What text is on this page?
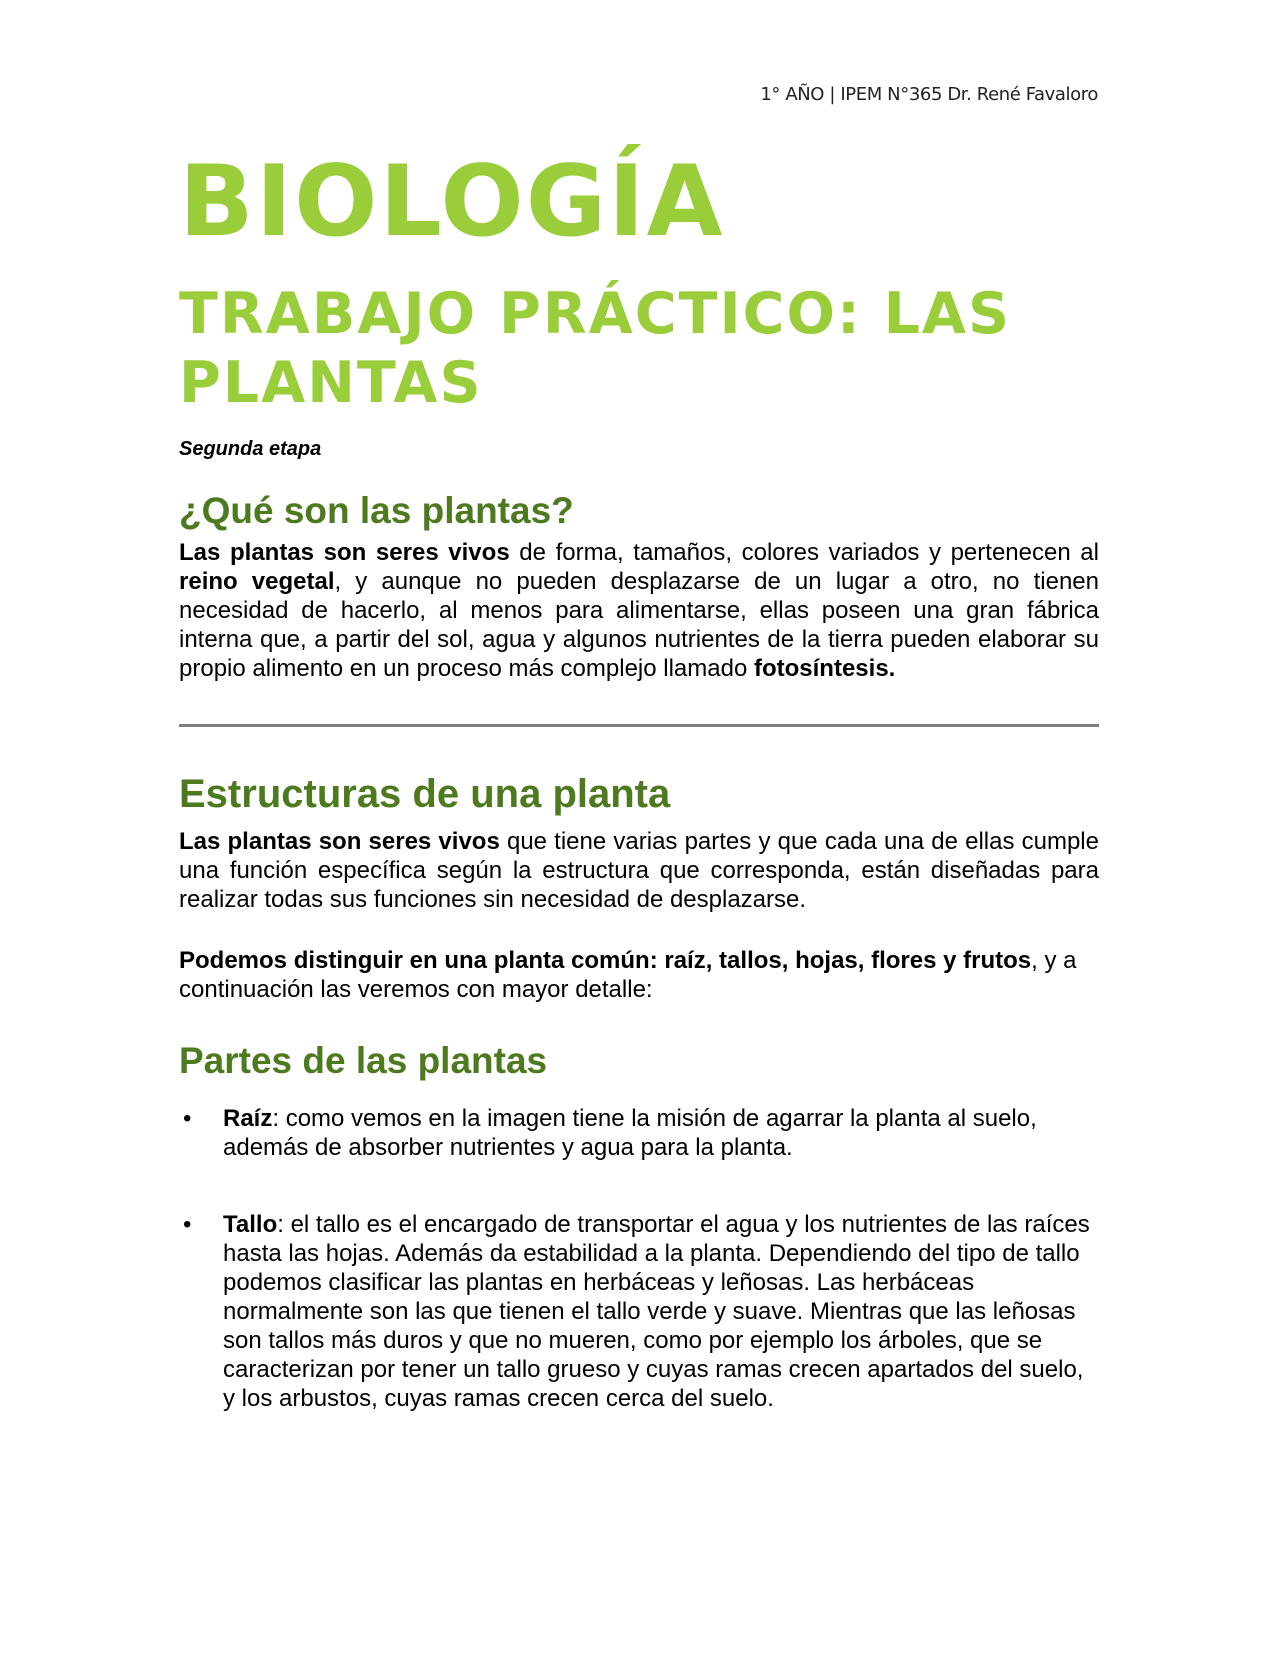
1° AÑO | IPEM N°365 Dr. René Favaloro
BIOLOGÍA
TRABAJO PRÁCTICO: LAS PLANTAS
Segunda etapa
¿Qué son las plantas?

Las plantas son seres vivos de forma, tamaños, colores variados y pertenecen al reino vegetal, y aunque no pueden desplazarse de un lugar a otro, no tienen necesidad de hacerlo, al menos para alimentarse, ellas poseen una gran fábrica interna que, a partir del sol, agua y algunos nutrientes de la tierra pueden elaborar su propio alimento en un proceso más complejo llamado fotosíntesis.

Estructuras de una planta

Las plantas son seres vivos que tiene varias partes y que cada una de ellas cumple una función específica según la estructura que corresponda, están diseñadas para realizar todas sus funciones sin necesidad de desplazarse.

Podemos distinguir en una planta común: raíz, tallos, hojas, flores y frutos, y a continuación las veremos con mayor detalle:

Partes de las plantas
• Raíz: como vemos en la imagen tiene la misión de agarrar la planta al suelo, además de absorber nutrientes y agua para la planta.
• Tallo: el tallo es el encargado de transportar el agua y los nutrientes de las raíces hasta las hojas. Además da estabilidad a la planta. Dependiendo del tipo de tallo podemos clasificar las plantas en herbáceas y leñosas. Las herbáceas normalmente son las que tienen el tallo verde y suave. Mientras que las leñosas son tallos más duros y que no mueren, como por ejemplo los árboles, que se caracterizan por tener un tallo grueso y cuyas ramas crecen apartados del suelo, y los arbustos, cuyas ramas crecen cerca del suelo.
